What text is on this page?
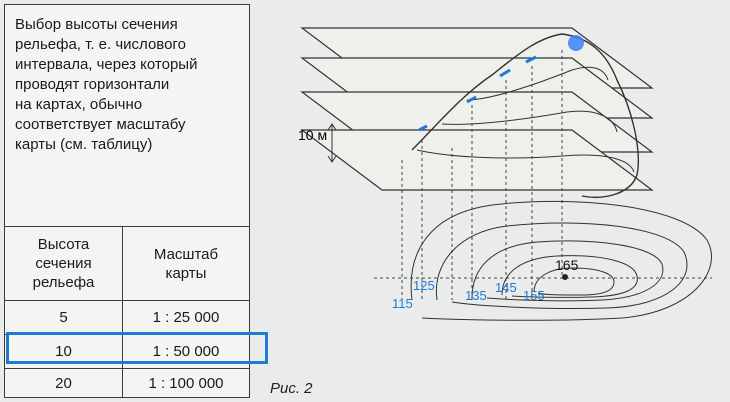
Выбор высоты сечения
рельефа, т. е. числового
интервала, через который
проводят горизонтали
на картах, обычно
соответствует масштабу
карты (см. таблицу)
Высота
сечения
рельефа
Масштаб
карты
5	1 : 25 000
10	1 : 50 000
20	1 : 100 000
10 м
165
115
125
135
145
155
Рис. 2
